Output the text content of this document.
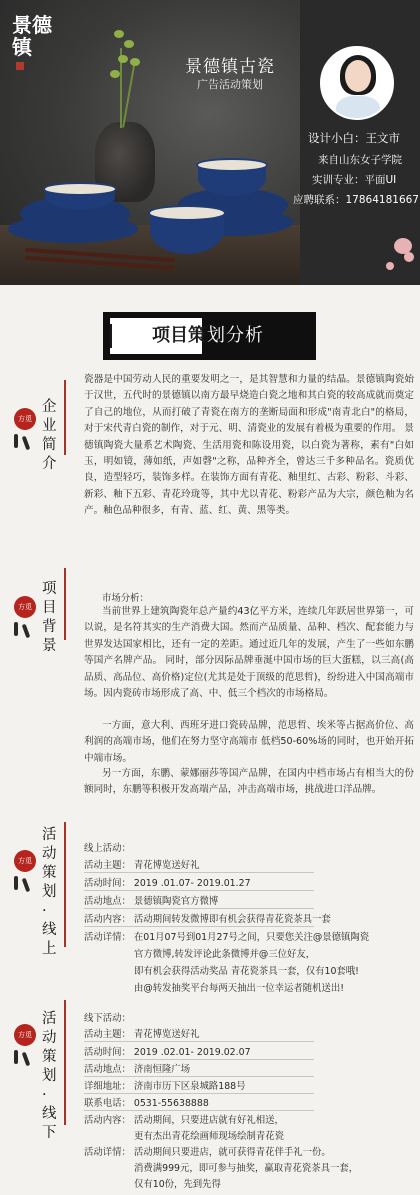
景德镇
景德镇古瓷
广告活动策划
设计小白：王文市
来自山东女子学院
实训专业：平面UI
应聘联系：17864181667
项目策 划分析
方觅
企业简介
瓷器是中国劳动人民的重要发明之一，是其智慧和力量的结晶。景德镇陶瓷始于汉世，五代时的景德镇以南方最早烧造白瓷之地和其白瓷的较高成就而奠定了自己的地位，从而打破了青瓷在南方的垄断局面和形成"南青北白"的格局，对于宋代青白瓷的制作，对于元、明、清瓷业的发展有着极为重要的作用。 景德镇陶瓷大量系艺术陶瓷、生活用瓷和陈设用瓷，以白瓷为著称，素有"白如玉，明如镜，薄如纸，声如磬"之称，品种齐全，曾达三千多种品名。瓷质优良，造型轻巧，装饰多样。在装饰方面有青花、釉里红、古彩、粉彩、斗彩、新彩、釉下五彩、青花玲珑等，其中尤以青花、粉彩产品为大宗，颜色釉为名产。釉色品种很多，有青、蓝、红、黄、黑等类。
方觅
项目背景
市场分析：
当前世界上建筑陶瓷年总产量约43亿平方米，连续几年跃居世界第一，可以说，是名符其实的生产消费大国。然而产品质量、品种、档次、配套能力与世界发达国家相比，还有一定的差距。通过近几年的发展，产生了一些如东鹏等国产名牌产品。 同时，部分因际品牌垂涎中国市场的巨大蛋糕，以三高(高品质、高品位、高价格)定位(尤其是处于顶级的范思哲)，纷纷进入中国高端市场。因内瓷砖市场形成了高、中、低三个档次的市场格局。
一方面，意大利、西班牙进口瓷砖品牌，范思哲、埃米等占据高价位、高利润的高端市场，他们在努力坚守高端市 低档50-60%场的同时，也开始开拓中端市场。
另一方面，东鹏、蒙娜丽莎等国产品牌，在国内中档市场占有相当大的份额同时，东鹏等积极开发高端产品，冲击高端市场，挑战进口洋品牌。
方觅
活动策划·线上
线上活动：
活动主题： 青花博览送好礼
活动时间： 2019 .01.07- 2019.01.27
活动地点： 景德镇陶瓷官方微博
活动内容： 活动期间转发微博即有机会获得青花瓷茶具一套
活动详情： 在01月07号到01月27号之间，只要您关注@景德镇陶瓷
官方微博,转发评论此条微博并@三位好友，
即有机会获得活动奖品 青花瓷茶具一套，仅有10套哦!
由@转发抽奖平台每两天抽出一位幸运者随机送出!
方觅
活动策划·线下
线下活动：
活动主题： 青花博览送好礼
活动时间： 2019 .02.01- 2019.02.07
活动地点： 济南恒隆广场
详细地址： 济南市历下区泉城路188号
联系电话： 0531-55638888
活动内容： 活动期间，只要进店就有好礼相送，
更有杰出青花绘画师现场绘制青花瓷
活动详情： 活动期间只要进店，就可获得青花伴手礼一份。
消费满999元，即可参与抽奖，赢取青花瓷茶具一套，
仅有10份，先到先得
